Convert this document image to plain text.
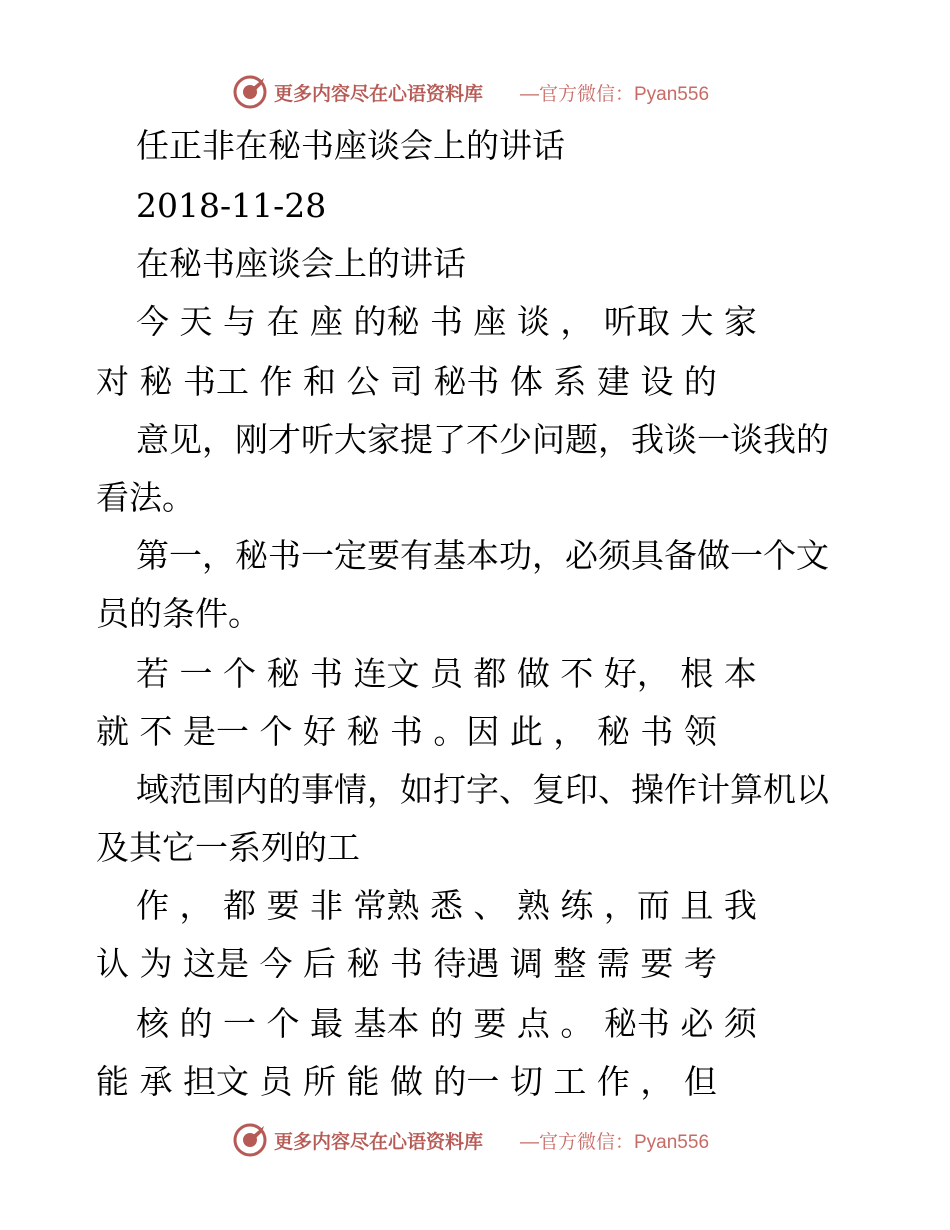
更多内容尽在心语资料库 —官方微信：Pyan556
任正非在秘书座谈会上的讲话
2018-11-28
在秘书座谈会上的讲话
今 天 与 在 座 的秘 书 座 谈 ， 听取 大 家
对 秘 书工 作 和 公 司 秘书 体 系 建 设 的
意见，刚才听大家提了不少问题，我谈一谈我的
看法。
第一，秘书一定要有基本功，必须具备做一个文
员的条件。
若 一 个 秘 书 连文 员 都 做 不 好， 根 本
就 不 是一 个 好 秘 书 。因 此 ， 秘 书 领
域范围内的事情，如打字、复印、操作计算机以
及其它一系列的工
作 ， 都 要 非 常熟 悉 、 熟 练 ，而 且 我
认 为 这是 今 后 秘 书 待遇 调 整 需 要 考
核 的 一 个 最 基本 的 要 点 。 秘书 必 须
能 承 担文 员 所 能 做 的一 切 工 作 ， 但
更多内容尽在心语资料库 —官方微信：Pyan556
